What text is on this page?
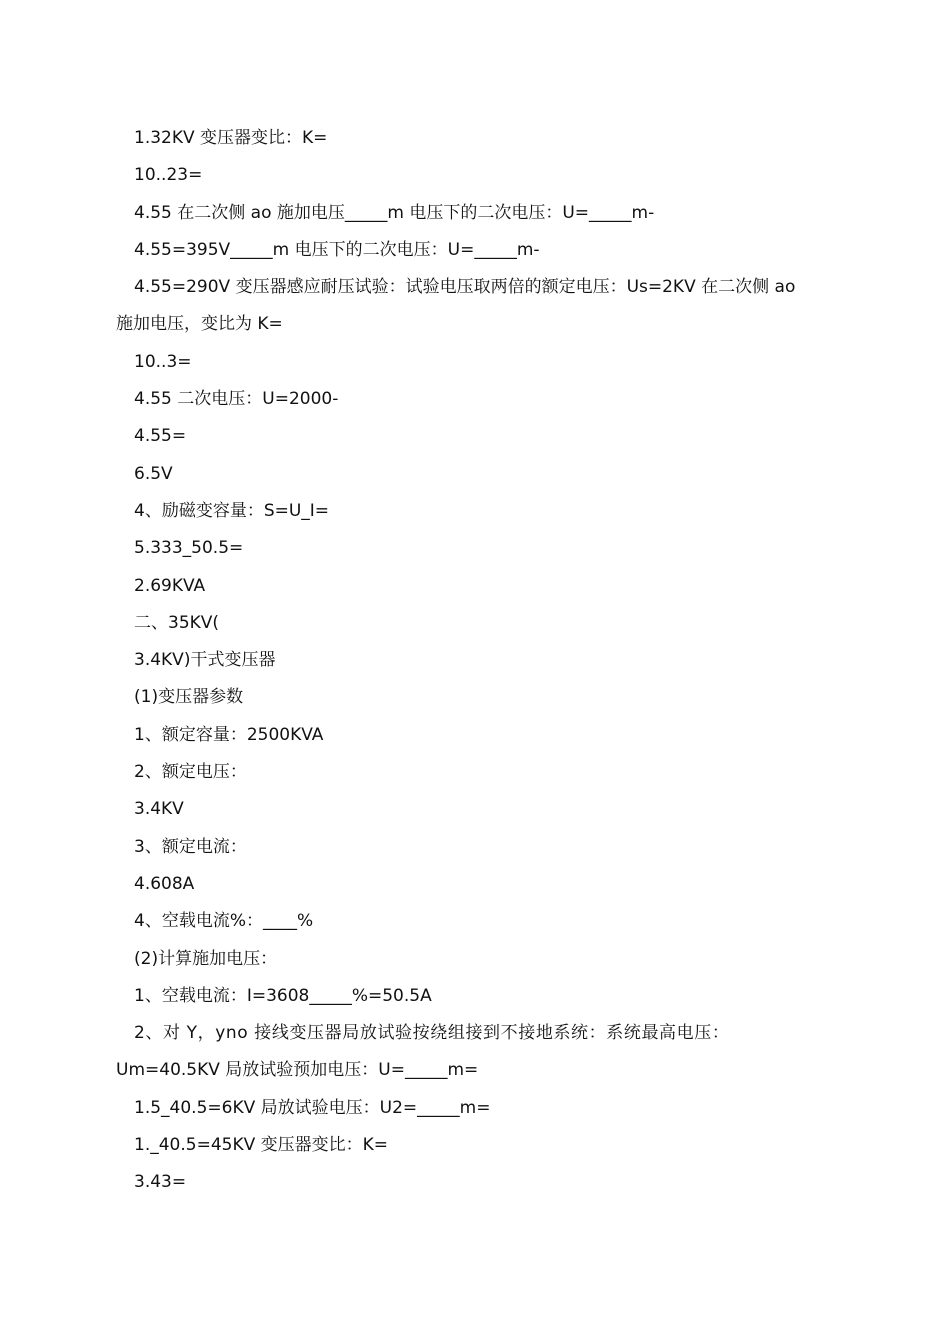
1.32KV 变压器变比：K=
10..23=
4.55 在二次侧 ao 施加电压_____m 电压下的二次电压：U=_____m-
4.55=395V_____m 电压下的二次电压：U=_____m-
4.55=290V 变压器感应耐压试验：试验电压取两倍的额定电压：Us=2KV 在二次侧 ao
施加电压，变比为 K=
10..3=
4.55 二次电压：U=2000-
4.55=
6.5V
4、励磁变容量：S=U_I=
5.333_50.5=
2.69KVA
二、35KV(
3.4KV)干式变压器
(1)变压器参数
1、额定容量：2500KVA
2、额定电压：
3.4KV
3、额定电流：
4.608A
4、空载电流%：____%
(2)计算施加电压：
1、空载电流：I=3608_____%=50.5A
2、对 Y，yno 接线变压器局放试验按绕组接到不接地系统：系统最高电压：
Um=40.5KV 局放试验预加电压：U=_____m=
1.5_40.5=6KV 局放试验电压：U2=_____m=
1._40.5=45KV 变压器变比：K=
3.43=
